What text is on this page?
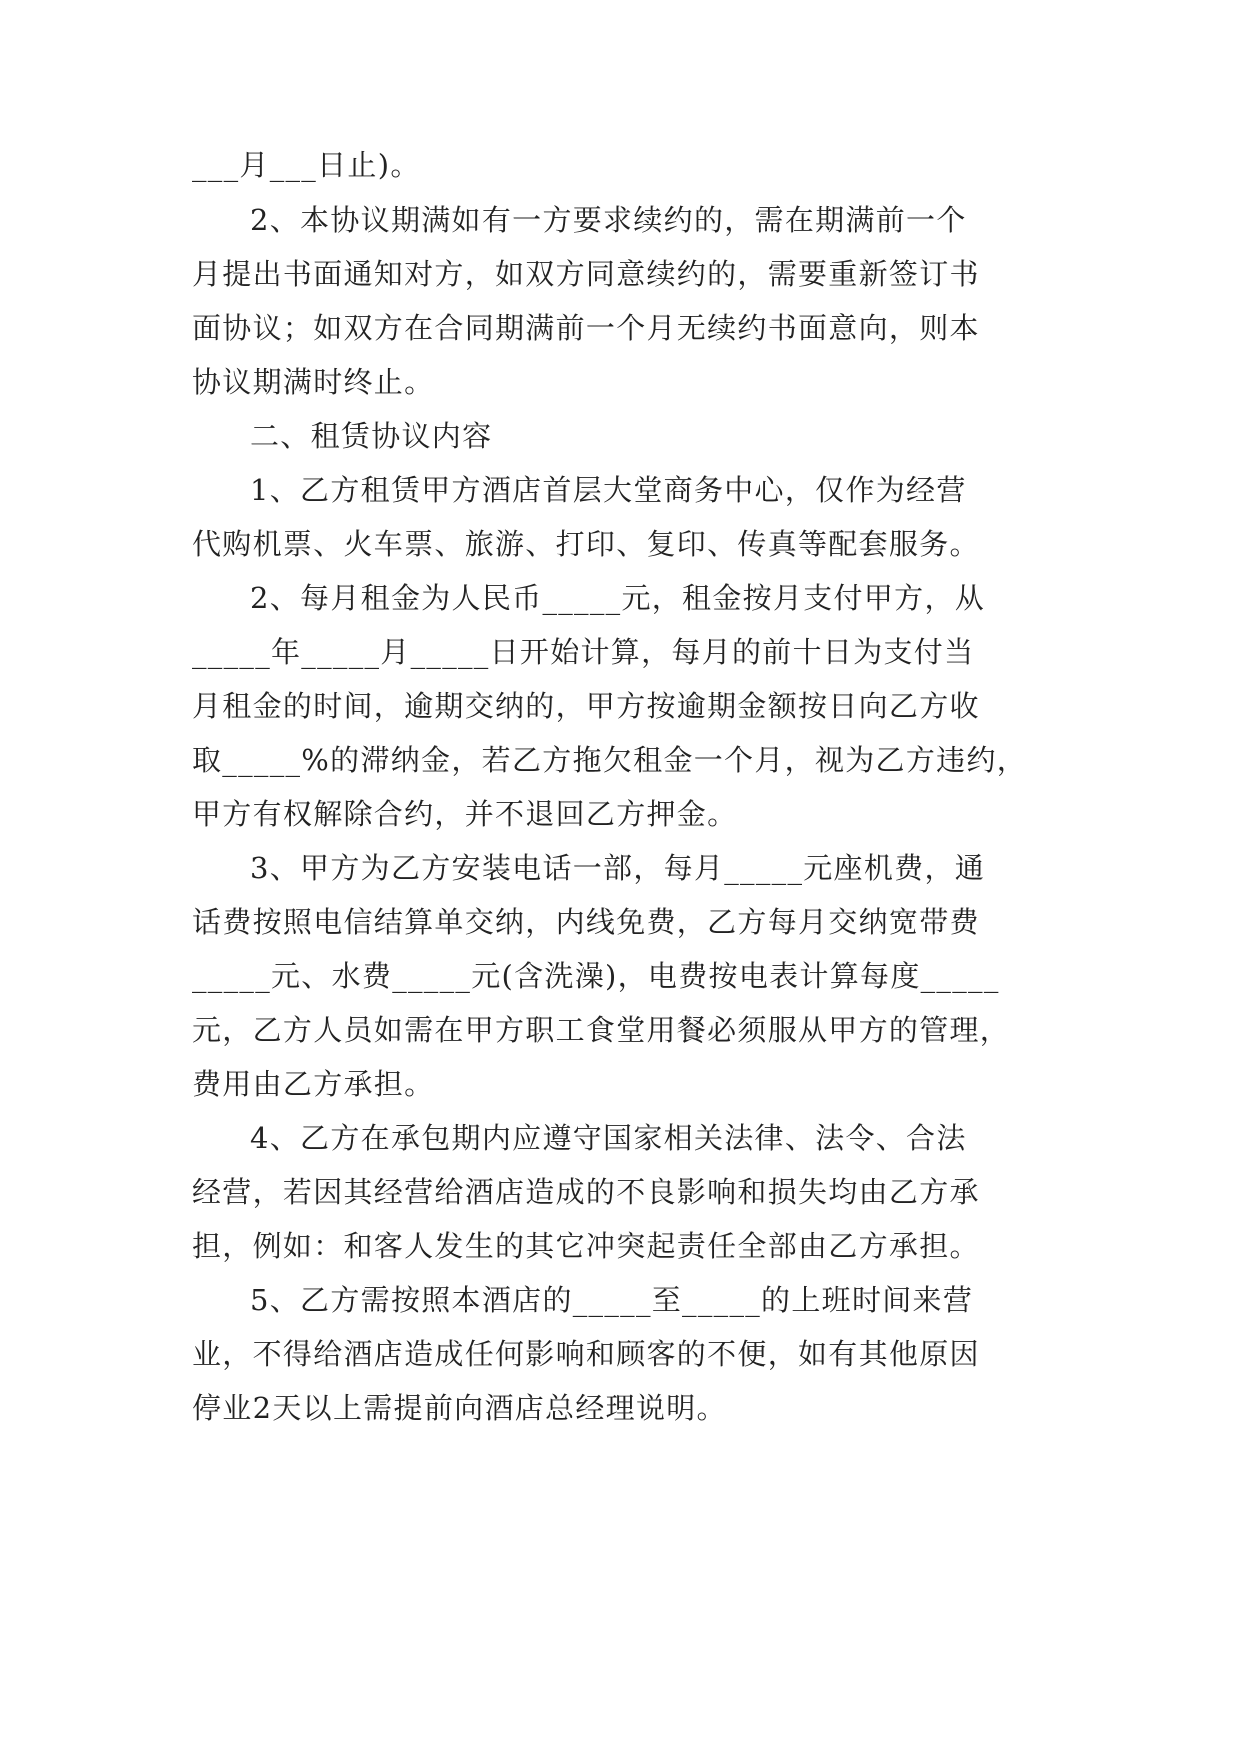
___月___日止)。
2、本协议期满如有一方要求续约的，需在期满前一个
月提出书面通知对方，如双方同意续约的，需要重新签订书
面协议；如双方在合同期满前一个月无续约书面意向，则本
协议期满时终止。
二、租赁协议内容
1、乙方租赁甲方酒店首层大堂商务中心，仅作为经营
代购机票、火车票、旅游、打印、复印、传真等配套服务。
2、每月租金为人民币_____元，租金按月支付甲方，从
_____年_____月_____日开始计算，每月的前十日为支付当
月租金的时间，逾期交纳的，甲方按逾期金额按日向乙方收
取_____%的滞纳金，若乙方拖欠租金一个月，视为乙方违约，
甲方有权解除合约，并不退回乙方押金。
3、甲方为乙方安装电话一部，每月_____元座机费，通
话费按照电信结算单交纳，内线免费，乙方每月交纳宽带费
_____元、水费_____元(含洗澡)，电费按电表计算每度_____
元，乙方人员如需在甲方职工食堂用餐必须服从甲方的管理，
费用由乙方承担。
4、乙方在承包期内应遵守国家相关法律、法令、合法
经营，若因其经营给酒店造成的不良影响和损失均由乙方承
担，例如：和客人发生的其它冲突起责任全部由乙方承担。
5、乙方需按照本酒店的_____至_____的上班时间来营
业，不得给酒店造成任何影响和顾客的不便，如有其他原因
停业2天以上需提前向酒店总经理说明。
